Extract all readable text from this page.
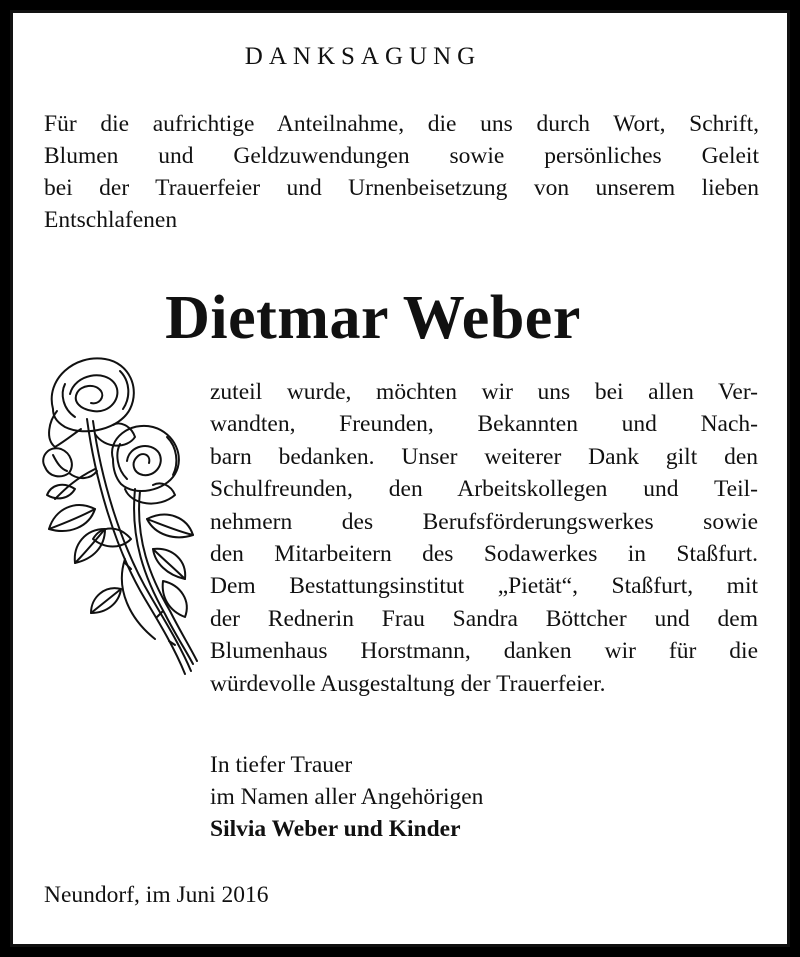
DANKSAGUNG
Für die aufrichtige Anteilnahme, die uns durch Wort, Schrift,
Blumen und Geldzuwendungen sowie persönliches Geleit
bei der Trauerfeier und Urnenbeisetzung von unserem lieben
Entschlafenen
Dietmar Weber
zuteil wurde, möchten wir uns bei allen Ver-
wandten, Freunden, Bekannten und Nach-
barn bedanken. Unser weiterer Dank gilt den
Schulfreunden, den Arbeitskollegen und Teil-
nehmern des Berufsförderungswerkes sowie
den Mitarbeitern des Sodawerkes in Staßfurt.
Dem Bestattungsinstitut „Pietät“, Staßfurt, mit
der Rednerin Frau Sandra Böttcher und dem
Blumenhaus Horstmann, danken wir für die
würdevolle Ausgestaltung der Trauerfeier.
In tiefer Trauer
im Namen aller Angehörigen
Silvia Weber und Kinder
Neundorf, im Juni 2016
